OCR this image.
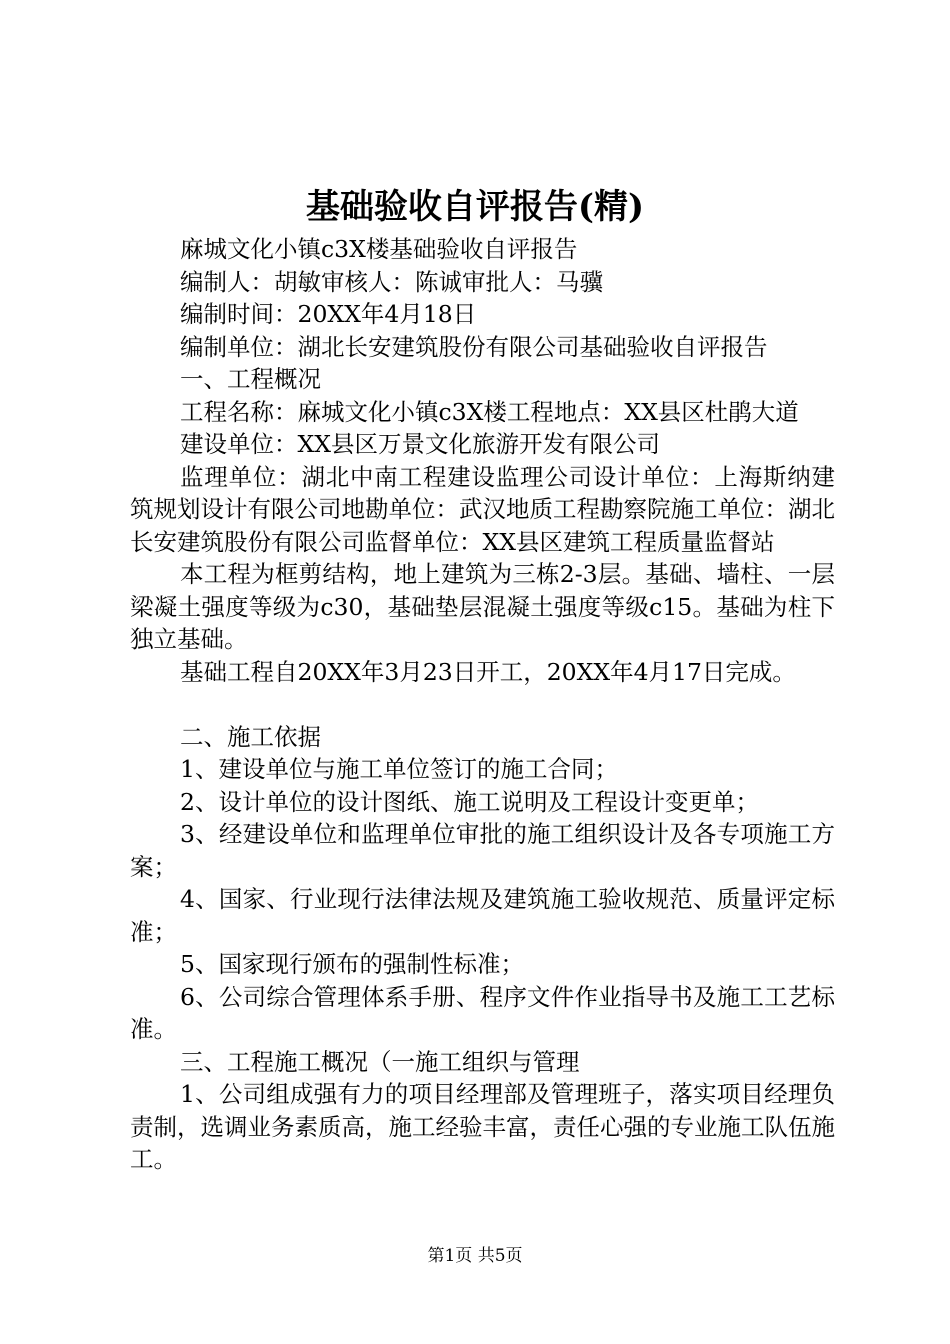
基础验收自评报告(精)

麻城文化小镇c3X楼基础验收自评报告

编制人：胡敏审核人：陈诚审批人：马骥

编制时间：20XX年4月18日

编制单位：湖北长安建筑股份有限公司基础验收自评报告

一、工程概况

工程名称：麻城文化小镇c3X楼工程地点：XX县区杜鹃大道

建设单位：XX县区万景文化旅游开发有限公司

监理单位：湖北中南工程建设监理公司设计单位：上海斯纳建筑规划设计有限公司地勘单位：武汉地质工程勘察院施工单位：湖北长安建筑股份有限公司监督单位：XX县区建筑工程质量监督站

本工程为框剪结构，地上建筑为三栋2-3层。基础、墙柱、一层梁凝土强度等级为c30，基础垫层混凝土强度等级c15。基础为柱下独立基础。

基础工程自20XX年3月23日开工，20XX年4月17日完成。

二、施工依据

1、建设单位与施工单位签订的施工合同；

2、设计单位的设计图纸、施工说明及工程设计变更单；

3、经建设单位和监理单位审批的施工组织设计及各专项施工方案；

4、国家、行业现行法律法规及建筑施工验收规范、质量评定标准；

5、国家现行颁布的强制性标准；

6、公司综合管理体系手册、程序文件作业指导书及施工工艺标准。

三、工程施工概况（一施工组织与管理

1、公司组成强有力的项目经理部及管理班子，落实项目经理负责制，选调业务素质高，施工经验丰富，责任心强的专业施工队伍施工。

第1页 共5页
